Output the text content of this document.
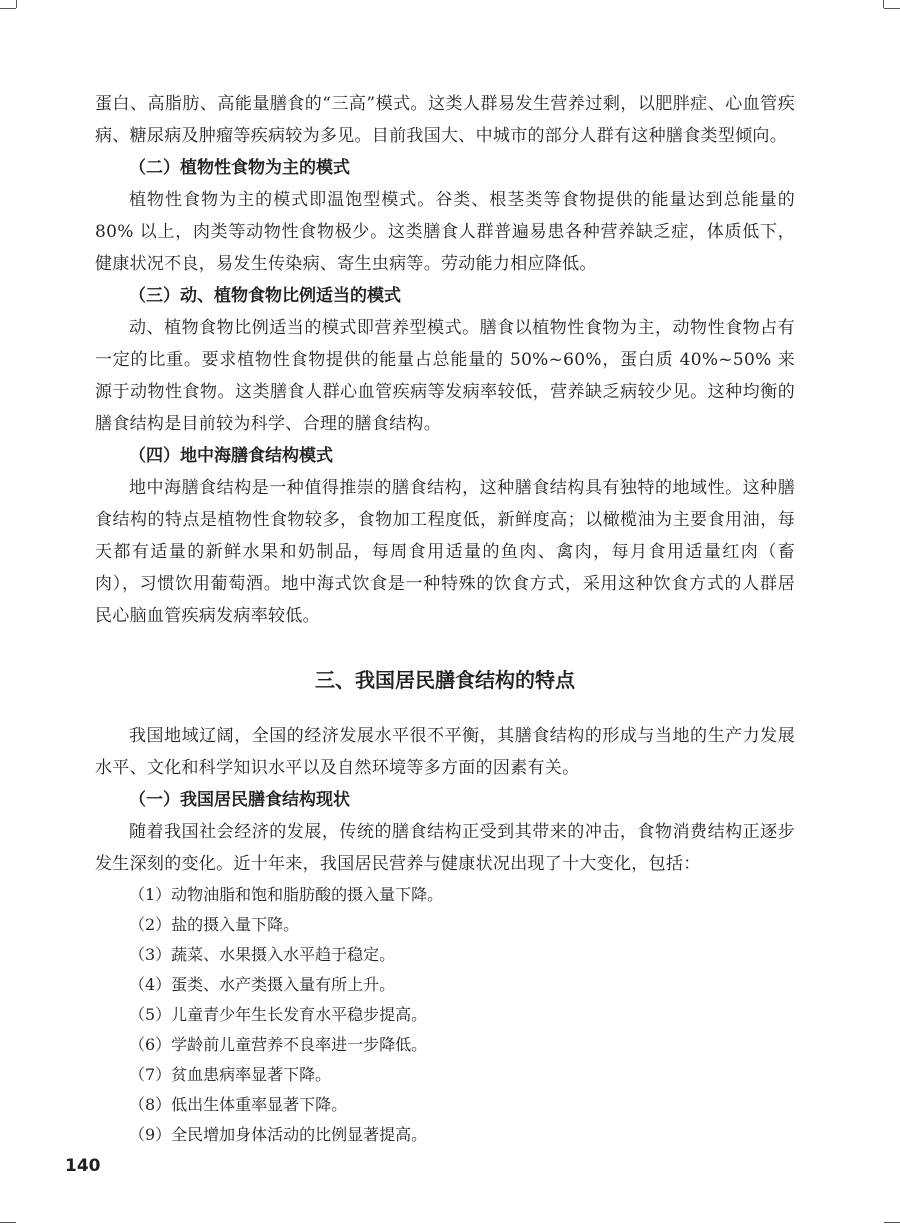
蛋白、高脂肪、高能量膳食的“三高”模式。这类人群易发生营养过剩，以肥胖症、心血管疾病、糖尿病及肿瘤等疾病较为多见。目前我国大、中城市的部分人群有这种膳食类型倾向。

（二）植物性食物为主的模式

植物性食物为主的模式即温饱型模式。谷类、根茎类等食物提供的能量达到总能量的 80% 以上，肉类等动物性食物极少。这类膳食人群普遍易患各种营养缺乏症，体质低下，健康状况不良，易发生传染病、寄生虫病等。劳动能力相应降低。

（三）动、植物食物比例适当的模式

动、植物食物比例适当的模式即营养型模式。膳食以植物性食物为主，动物性食物占有一定的比重。要求植物性食物提供的能量占总能量的 50%~60%，蛋白质 40%~50% 来源于动物性食物。这类膳食人群心血管疾病等发病率较低，营养缺乏病较少见。这种均衡的膳食结构是目前较为科学、合理的膳食结构。

（四）地中海膳食结构模式

地中海膳食结构是一种值得推崇的膳食结构，这种膳食结构具有独特的地域性。这种膳食结构的特点是植物性食物较多，食物加工程度低，新鲜度高；以橄榄油为主要食用油，每天都有适量的新鲜水果和奶制品，每周食用适量的鱼肉、禽肉，每月食用适量红肉（畜肉），习惯饮用葡萄酒。地中海式饮食是一种特殊的饮食方式，采用这种饮食方式的人群居民心脑血管疾病发病率较低。

三、我国居民膳食结构的特点

我国地域辽阔，全国的经济发展水平很不平衡，其膳食结构的形成与当地的生产力发展水平、文化和科学知识水平以及自然环境等多方面的因素有关。

（一）我国居民膳食结构现状

随着我国社会经济的发展，传统的膳食结构正受到其带来的冲击，食物消费结构正逐步发生深刻的变化。近十年来，我国居民营养与健康状况出现了十大变化，包括：

（1）动物油脂和饱和脂肪酸的摄入量下降。

（2）盐的摄入量下降。

（3）蔬菜、水果摄入水平趋于稳定。

（4）蛋类、水产类摄入量有所上升。

（5）儿童青少年生长发育水平稳步提高。

（6）学龄前儿童营养不良率进一步降低。

（7）贫血患病率显著下降。

（8）低出生体重率显著下降。

（9）全民增加身体活动的比例显著提高。

140
